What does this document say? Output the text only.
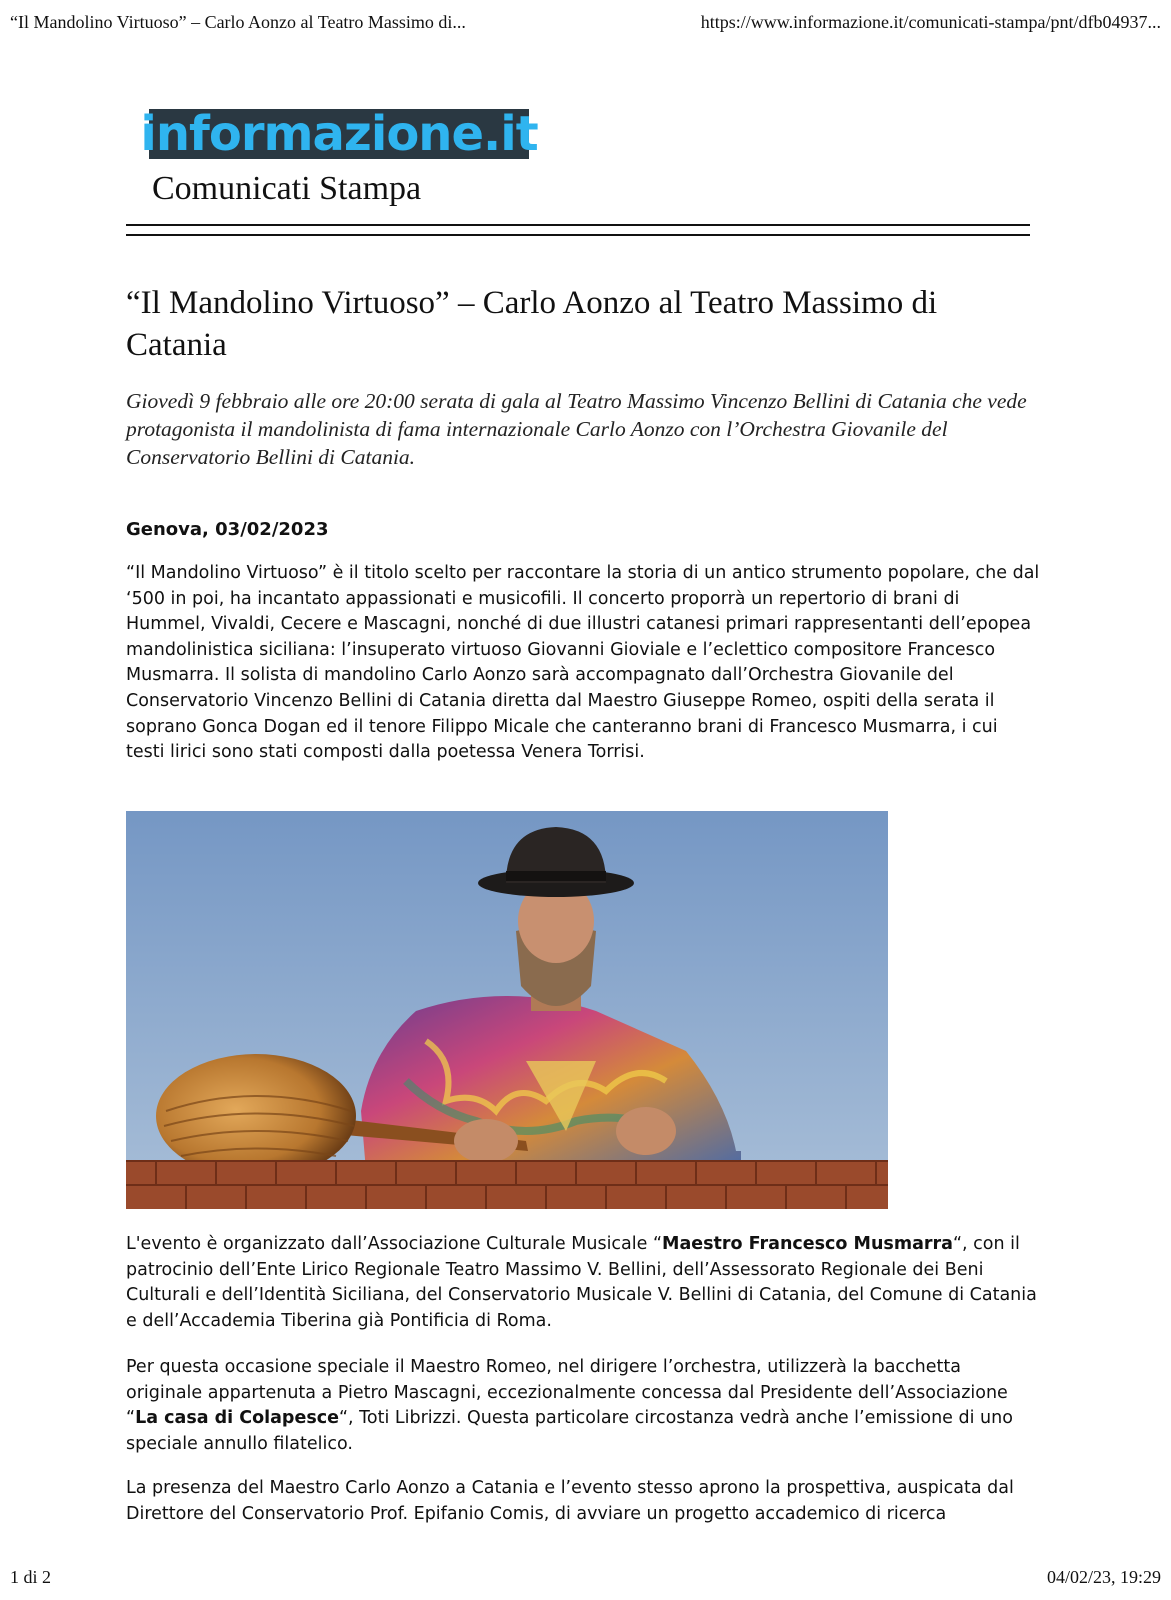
“Il Mandolino Virtuoso” – Carlo Aonzo al Teatro Massimo di...	https://www.informazione.it/comunicati-stampa/pnt/dfb04937...
informazione.it
Comunicati Stampa
“Il Mandolino Virtuoso” – Carlo Aonzo al Teatro Massimo di Catania

Giovedì 9 febbraio alle ore 20:00 serata di gala al Teatro Massimo Vincenzo Bellini di Catania che vede protagonista il mandolinista di fama internazionale Carlo Aonzo con l’Orchestra Giovanile del Conservatorio Bellini di Catania.

Genova, 03/02/2023

“Il Mandolino Virtuoso” è il titolo scelto per raccontare la storia di un antico strumento popolare, che dal ‘500 in poi, ha incantato appassionati e musicofili. Il concerto proporrà un repertorio di brani di Hummel, Vivaldi, Cecere e Mascagni, nonché di due illustri catanesi primari rappresentanti dell’epopea mandolinistica siciliana: l’insuperato virtuoso Giovanni Gioviale e l’eclettico compositore Francesco Musmarra. Il solista di mandolino Carlo Aonzo sarà accompagnato dall’Orchestra Giovanile del Conservatorio Vincenzo Bellini di Catania diretta dal Maestro Giuseppe Romeo, ospiti della serata il soprano Gonca Dogan ed il tenore Filippo Micale che canteranno brani di Francesco Musmarra, i cui testi lirici sono stati composti dalla poetessa Venera Torrisi.

L'evento è organizzato dall’Associazione Culturale Musicale “Maestro Francesco Musmarra“, con il patrocinio dell’Ente Lirico Regionale Teatro Massimo V. Bellini, dell’Assessorato Regionale dei Beni Culturali e dell’Identità Siciliana, del Conservatorio Musicale V. Bellini di Catania, del Comune di Catania e dell’Accademia Tiberina già Pontificia di Roma.

Per questa occasione speciale il Maestro Romeo, nel dirigere l’orchestra, utilizzerà la bacchetta originale appartenuta a Pietro Mascagni, eccezionalmente concessa dal Presidente dell’Associazione “La casa di Colapesce“, Toti Librizzi. Questa particolare circostanza vedrà anche l’emissione di uno speciale annullo filatelico.

La presenza del Maestro Carlo Aonzo a Catania e l’evento stesso aprono la prospettiva, auspicata dal Direttore del Conservatorio Prof. Epifanio Comis, di avviare un progetto accademico di ricerca

1 di 2	04/02/23, 19:29
